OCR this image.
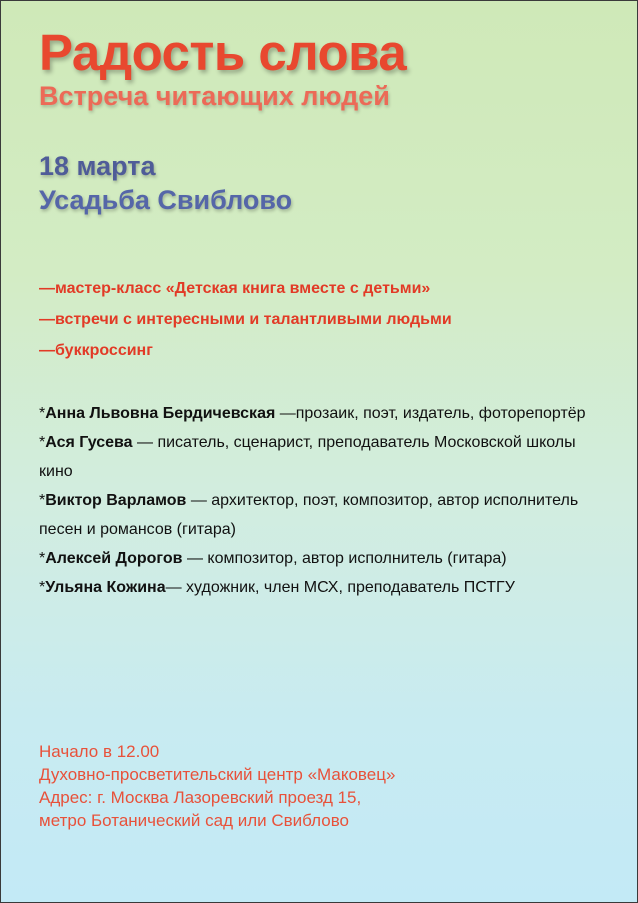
Радость слова
Встреча читающих людей
18 марта
Усадьба Свиблово
—мастер-класс «Детская книга вместе с детьми»
—встречи с интересными и талантливыми людьми
—буккроссинг
*Анна Львовна Бердичевская —прозаик, поэт, издатель, фоторепортёр
*Ася Гусева — писатель, сценарист, преподаватель Московской школы кино
*Виктор Варламов — архитектор, поэт, композитор, автор исполнитель песен и романсов (гитара)
*Алексей Дорогов — композитор, автор исполнитель (гитара)
*Ульяна Кожина— художник, член МСХ, преподаватель ПСТГУ
Начало в 12.00
Духовно-просветительский центр «Маковец»
Адрес: г. Москва Лазоревский проезд 15,
метро Ботанический сад или Свиблово
